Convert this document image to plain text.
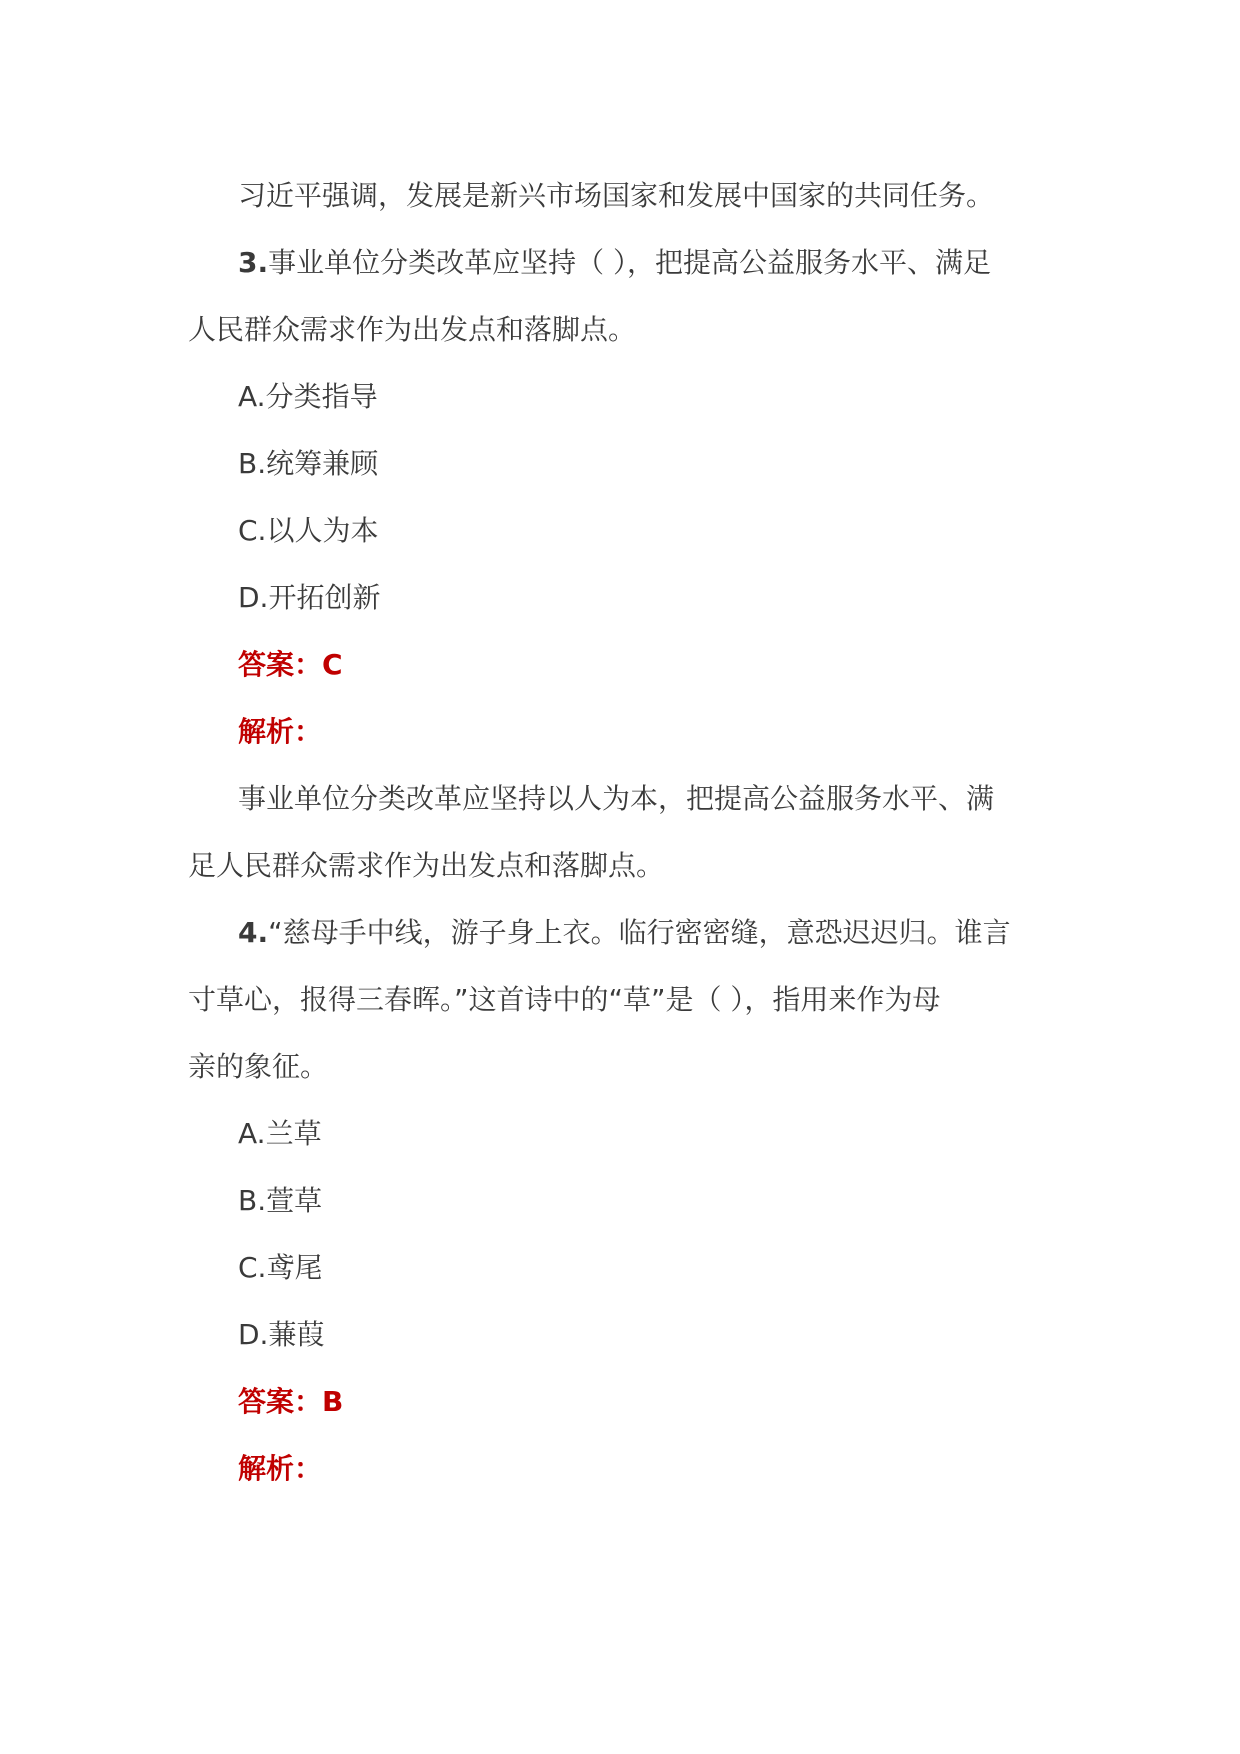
习近平强调，发展是新兴市场国家和发展中国家的共同任务。
3.事业单位分类改革应坚持（ ），把提高公益服务水平、满足
人民群众需求作为出发点和落脚点。
A.分类指导
B.统筹兼顾
C.以人为本
D.开拓创新
答案：C
解析：
事业单位分类改革应坚持以人为本，把提高公益服务水平、满
足人民群众需求作为出发点和落脚点。
4.“慈母手中线，游子身上衣。临行密密缝，意恐迟迟归。谁言
寸草心，报得三春晖。”这首诗中的“草”是（ ），指用来作为母
亲的象征。
A.兰草
B.萱草
C.鸢尾
D.蒹葭
答案：B
解析：
